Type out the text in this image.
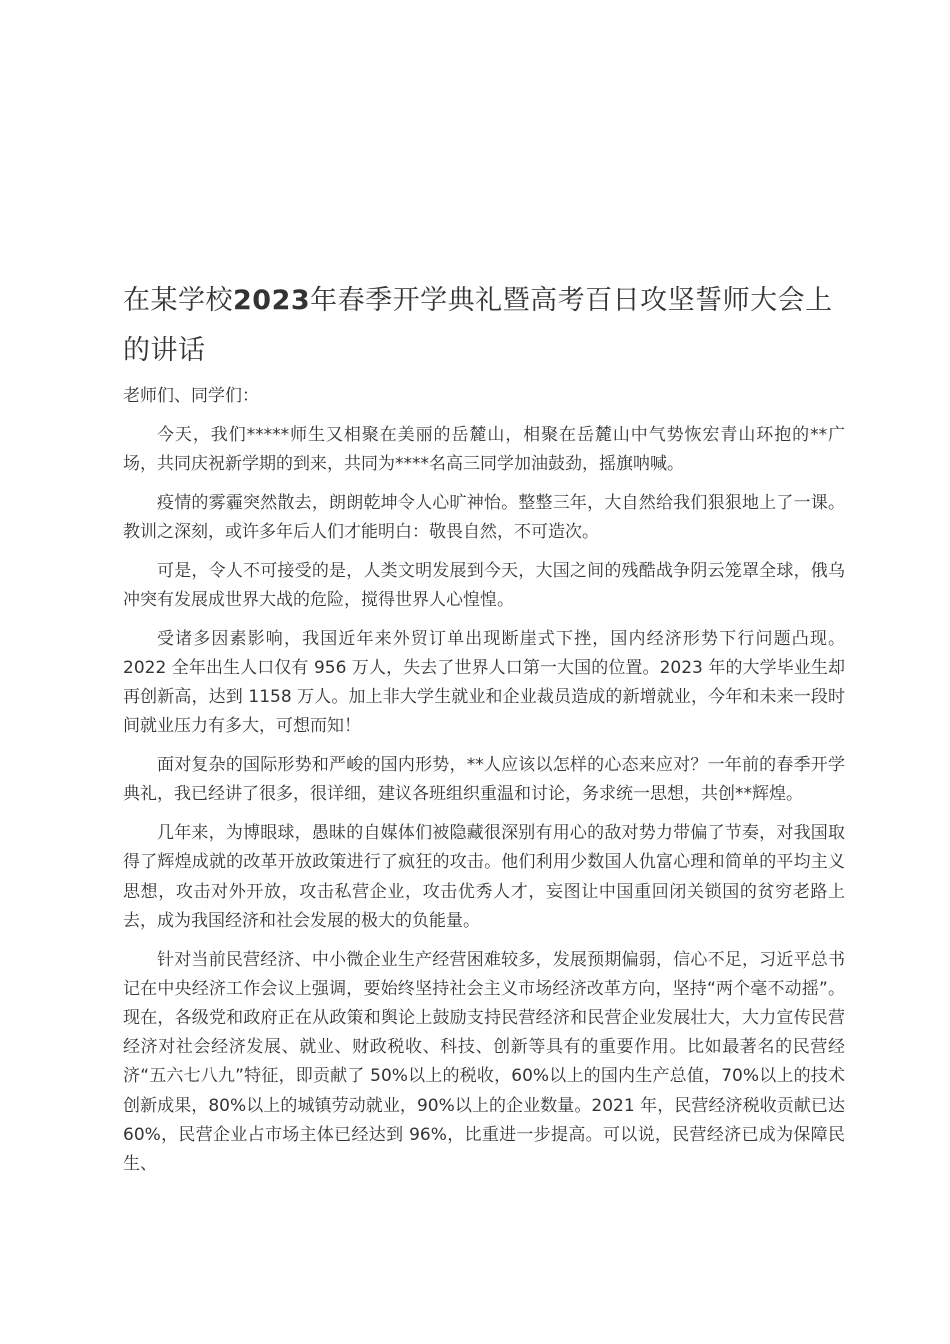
在某学校2023年春季开学典礼暨高考百日攻坚誓师大会上的讲话

老师们、同学们：

今天，我们*****师生又相聚在美丽的岳麓山，相聚在岳麓山中气势恢宏青山环抱的**广场，共同庆祝新学期的到来，共同为****名高三同学加油鼓劲，摇旗呐喊。

疫情的雾霾突然散去，朗朗乾坤令人心旷神怡。整整三年，大自然给我们狠狠地上了一课。教训之深刻，或许多年后人们才能明白：敬畏自然，不可造次。

可是，令人不可接受的是，人类文明发展到今天，大国之间的残酷战争阴云笼罩全球，俄乌冲突有发展成世界大战的危险，搅得世界人心惶惶。

受诸多因素影响，我国近年来外贸订单出现断崖式下挫，国内经济形势下行问题凸现。2022 全年出生人口仅有 956 万人，失去了世界人口第一大国的位置。2023 年的大学毕业生却再创新高，达到 1158 万人。加上非大学生就业和企业裁员造成的新增就业，今年和未来一段时间就业压力有多大，可想而知！

面对复杂的国际形势和严峻的国内形势，**人应该以怎样的心态来应对？一年前的春季开学典礼，我已经讲了很多，很详细，建议各班组织重温和讨论，务求统一思想，共创**辉煌。

几年来，为博眼球，愚昧的自媒体们被隐藏很深别有用心的敌对势力带偏了节奏，对我国取得了辉煌成就的改革开放政策进行了疯狂的攻击。他们利用少数国人仇富心理和简单的平均主义思想，攻击对外开放，攻击私营企业，攻击优秀人才，妄图让中国重回闭关锁国的贫穷老路上去，成为我国经济和社会发展的极大的负能量。

针对当前民营经济、中小微企业生产经营困难较多，发展预期偏弱，信心不足，习近平总书记在中央经济工作会议上强调，要始终坚持社会主义市场经济改革方向，坚持“两个毫不动摇”。现在，各级党和政府正在从政策和舆论上鼓励支持民营经济和民营企业发展壮大，大力宣传民营经济对社会经济发展、就业、财政税收、科技、创新等具有的重要作用。比如最著名的民营经济“五六七八九”特征，即贡献了 50%以上的税收，60%以上的国内生产总值，70%以上的技术创新成果，80%以上的城镇劳动就业，90%以上的企业数量。2021 年，民营经济税收贡献已达 60%，民营企业占市场主体已经达到 96%，比重进一步提高。可以说，民营经济已成为保障民生、
